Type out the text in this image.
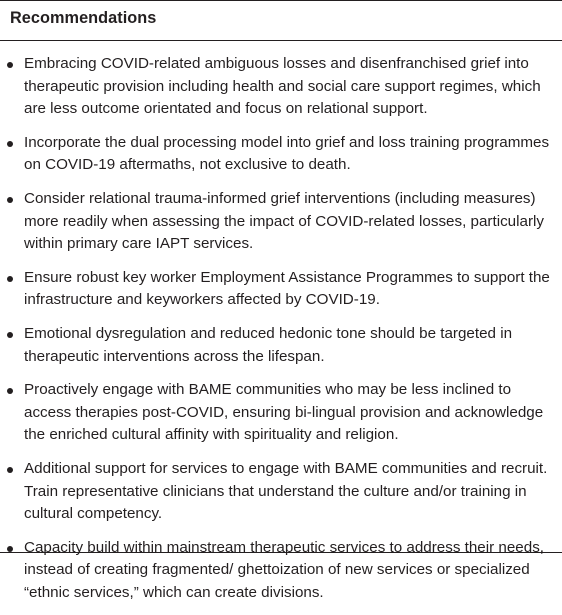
Recommendations
Embracing COVID-related ambiguous losses and disenfranchised grief into therapeutic provision including health and social care support regimes, which are less outcome orientated and focus on relational support.
Incorporate the dual processing model into grief and loss training programmes on COVID-19 aftermaths, not exclusive to death.
Consider relational trauma-informed grief interventions (including measures) more readily when assessing the impact of COVID-related losses, particularly within primary care IAPT services.
Ensure robust key worker Employment Assistance Programmes to support the infrastructure and keyworkers affected by COVID-19.
Emotional dysregulation and reduced hedonic tone should be targeted in therapeutic interventions across the lifespan.
Proactively engage with BAME communities who may be less inclined to access therapies post-COVID, ensuring bi-lingual provision and acknowledge the enriched cultural affinity with spirituality and religion.
Additional support for services to engage with BAME communities and recruit. Train representative clinicians that understand the culture and/or training in cultural competency.
Capacity build within mainstream therapeutic services to address their needs, instead of creating fragmented/ ghettoization of new services or specialized “ethnic services,” which can create divisions.
